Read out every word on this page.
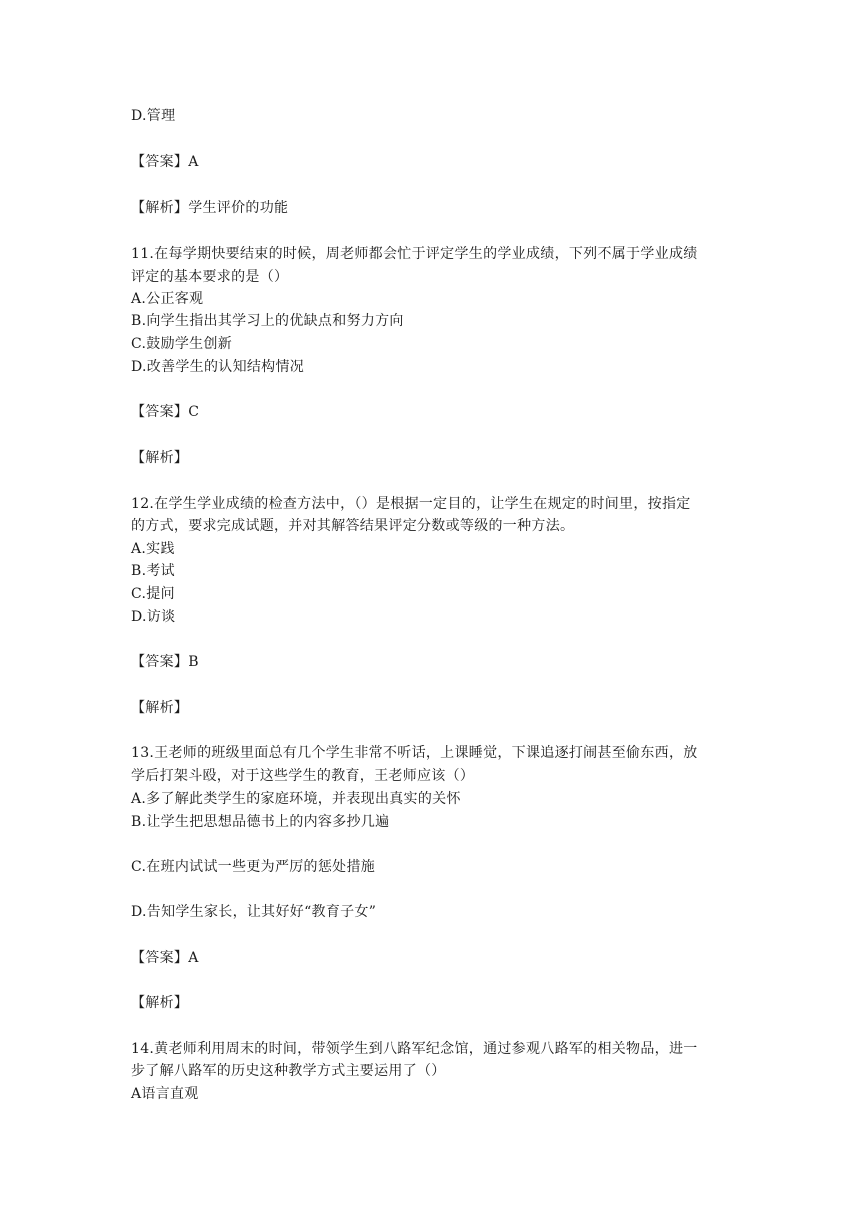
D.管理
【答案】A
【解析】学生评价的功能
11.在每学期快要结束的时候，周老师都会忙于评定学生的学业成绩，下列不属于学业成绩
评定的基本要求的是（）
A.公正客观
B.向学生指出其学习上的优缺点和努力方向
C.鼓励学生创新
D.改善学生的认知结构情况
【答案】C
【解析】
12.在学生学业成绩的检查方法中，（）是根据一定目的，让学生在规定的时间里，按指定
的方式，要求完成试题，并对其解答结果评定分数或等级的一种方法。
A.实践
B.考试
C.提问
D.访谈
【答案】B
【解析】
13.王老师的班级里面总有几个学生非常不听话，上课睡觉，下课追逐打闹甚至偷东西，放
学后打架斗殴，对于这些学生的教育，王老师应该（）
A.多了解此类学生的家庭环境，并表现出真实的关怀
B.让学生把思想品德书上的内容多抄几遍
C.在班内试试一些更为严厉的惩处措施
D.告知学生家长，让其好好“教育子女”
【答案】A
【解析】
14.黄老师利用周末的时间，带领学生到八路军纪念馆，通过参观八路军的相关物品，进一
步了解八路军的历史这种教学方式主要运用了（）
A语言直观
